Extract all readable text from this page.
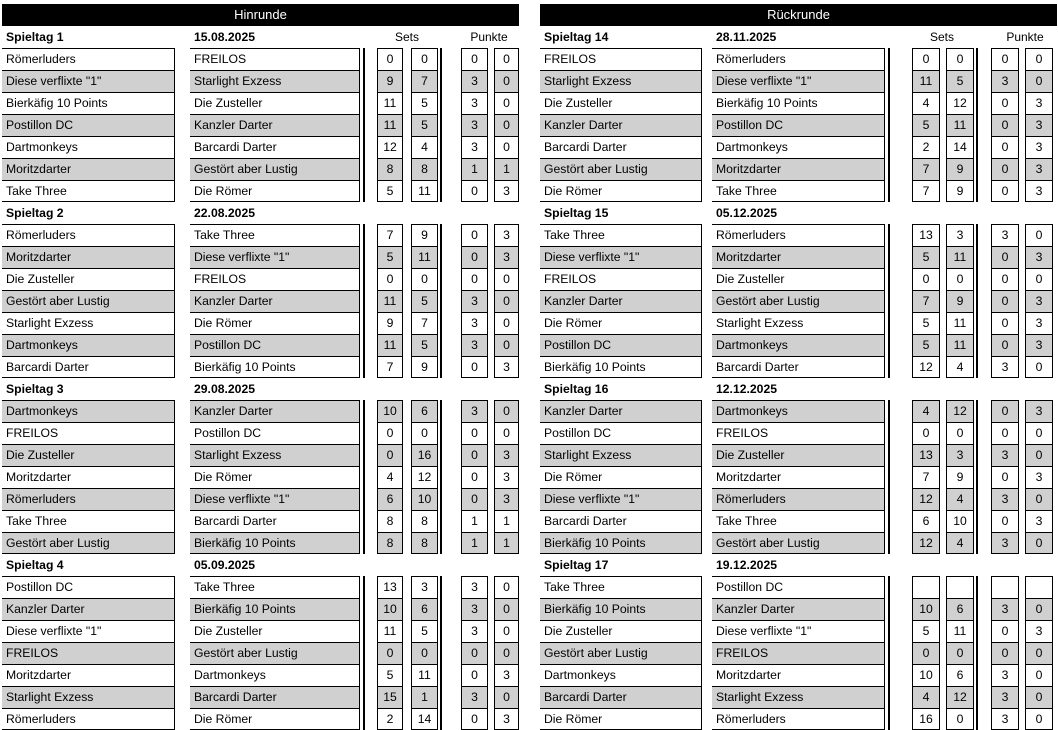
Hinrunde
Spieltag 1	15.08.2025	Sets	Punkte
Römerluders	FREILOS	0	0	0	0
Diese verflixte "1"	Starlight Exzess	9	7	3	0
Bierkäfig 10 Points	Die Zusteller	11	5	3	0
Postillon DC	Kanzler Darter	11	5	3	0
Dartmonkeys	Barcardi Darter	12	4	3	0
Moritzdarter	Gestört aber Lustig	8	8	1	1
Take Three	Die Römer	5	11	0	3
Spieltag 2	22.08.2025
Römerluders	Take Three	7	9	0	3
Moritzdarter	Diese verflixte "1"	5	11	0	3
Die Zusteller	FREILOS	0	0	0	0
Gestört aber Lustig	Kanzler Darter	11	5	3	0
Starlight Exzess	Die Römer	9	7	3	0
Dartmonkeys	Postillon DC	11	5	3	0
Barcardi Darter	Bierkäfig 10 Points	7	9	0	3
Spieltag 3	29.08.2025
Dartmonkeys	Kanzler Darter	10	6	3	0
FREILOS	Postillon DC	0	0	0	0
Die Zusteller	Starlight Exzess	0	16	0	3
Moritzdarter	Die Römer	4	12	0	3
Römerluders	Diese verflixte "1"	6	10	0	3
Take Three	Barcardi Darter	8	8	1	1
Gestört aber Lustig	Bierkäfig 10 Points	8	8	1	1
Spieltag 4	05.09.2025
Postillon DC	Take Three	13	3	3	0
Kanzler Darter	Bierkäfig 10 Points	10	6	3	0
Diese verflixte "1"	Die Zusteller	11	5	3	0
FREILOS	Gestört aber Lustig	0	0	0	0
Moritzdarter	Dartmonkeys	5	11	0	3
Starlight Exzess	Barcardi Darter	15	1	3	0
Römerluders	Die Römer	2	14	0	3
Rückrunde
Spieltag 14	28.11.2025	Sets	Punkte
FREILOS	Römerluders	0	0	0	0
Starlight Exzess	Diese verflixte "1"	11	5	3	0
Die Zusteller	Bierkäfig 10 Points	4	12	0	3
Kanzler Darter	Postillon DC	5	11	0	3
Barcardi Darter	Dartmonkeys	2	14	0	3
Gestört aber Lustig	Moritzdarter	7	9	0	3
Die Römer	Take Three	7	9	0	3
Spieltag 15	05.12.2025
Take Three	Römerluders	13	3	3	0
Diese verflixte "1"	Moritzdarter	5	11	0	3
FREILOS	Die Zusteller	0	0	0	0
Kanzler Darter	Gestört aber Lustig	7	9	0	3
Die Römer	Starlight Exzess	5	11	0	3
Postillon DC	Dartmonkeys	5	11	0	3
Bierkäfig 10 Points	Barcardi Darter	12	4	3	0
Spieltag 16	12.12.2025
Kanzler Darter	Dartmonkeys	4	12	0	3
Postillon DC	FREILOS	0	0	0	0
Starlight Exzess	Die Zusteller	13	3	3	0
Die Römer	Moritzdarter	7	9	0	3
Diese verflixte "1"	Römerluders	12	4	3	0
Barcardi Darter	Take Three	6	10	0	3
Bierkäfig 10 Points	Gestört aber Lustig	12	4	3	0
Spieltag 17	19.12.2025
Take Three	Postillon DC
Bierkäfig 10 Points	Kanzler Darter	10	6	3	0
Die Zusteller	Diese verflixte "1"	5	11	0	3
Gestört aber Lustig	FREILOS	0	0	0	0
Dartmonkeys	Moritzdarter	10	6	3	0
Barcardi Darter	Starlight Exzess	4	12	3	0
Die Römer	Römerluders	16	0	3	0
